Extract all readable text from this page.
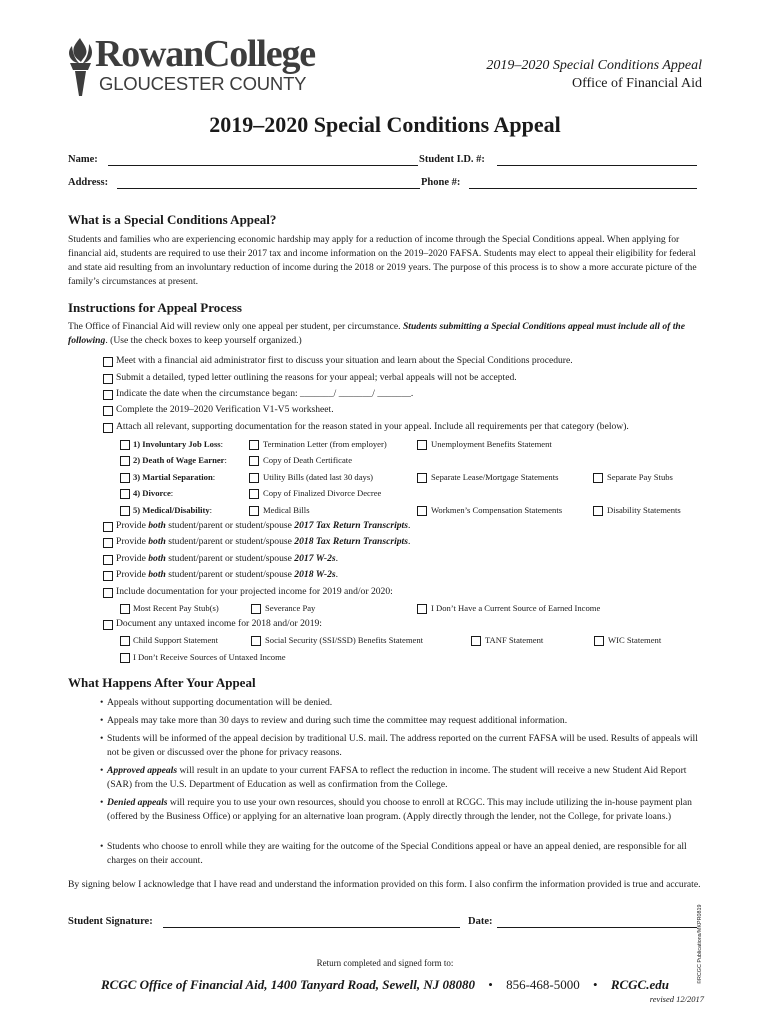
RowanCollege
GLOUCESTER COUNTY
2019–2020 Special Conditions Appeal
Office of Financial Aid
2019–2020 Special Conditions Appeal
Name:	Student I.D. #:
Address:	Phone #:
What is a Special Conditions Appeal?
Students and families who are experiencing economic hardship may apply for a reduction of income through the Special Conditions appeal. When applying for financial aid, students are required to use their 2017 tax and income information on the 2019–2020 FAFSA. Students may elect to appeal their eligibility for federal and state aid resulting from an involuntary reduction of income during the 2018 or 2019 years. The purpose of this process is to show a more accurate picture of the family’s circumstances at present.
Instructions for Appeal Process
The Office of Financial Aid will review only one appeal per student, per circumstance. Students submitting a Special Conditions appeal must include all of the following. (Use the check boxes to keep yourself organized.)
Meet with a financial aid administrator first to discuss your situation and learn about the Special Conditions procedure.
Submit a detailed, typed letter outlining the reasons for your appeal; verbal appeals will not be accepted.
Indicate the date when the circumstance began: _______/ _______/ _______.
Complete the 2019–2020 Verification V1-V5 worksheet.
Attach all relevant, supporting documentation for the reason stated in your appeal. Include all requirements per that category (below).
1) Involuntary Job Loss:	Termination Letter (from employer)	Unemployment Benefits Statement
2) Death of Wage Earner:	Copy of Death Certificate
3) Martial Separation:	Utility Bills (dated last 30 days)	Separate Lease/Mortgage Statements	Separate Pay Stubs
4) Divorce:	Copy of Finalized Divorce Decree
5) Medical/Disability:	Medical Bills	Workmen’s Compensation Statements	Disability Statements
Provide both student/parent or student/spouse 2017 Tax Return Transcripts.
Provide both student/parent or student/spouse 2018 Tax Return Transcripts.
Provide both student/parent or student/spouse 2017 W-2s.
Provide both student/parent or student/spouse 2018 W-2s.
Include documentation for your projected income for 2019 and/or 2020:
Most Recent Pay Stub(s)	Severance Pay	I Don’t Have a Current Source of Earned Income
Document any untaxed income for 2018 and/or 2019:
Child Support Statement	Social Security (SSI/SSD) Benefits Statement	TANF Statement	WIC Statement
I Don’t Receive Sources of Untaxed Income
What Happens After Your Appeal
• Appeals without supporting documentation will be denied.
• Appeals may take more than 30 days to review and during such time the committee may request additional information.
• Students will be informed of the appeal decision by traditional U.S. mail. The address reported on the current FAFSA will be used. Results of appeals will not be given or discussed over the phone for privacy reasons.
• Approved appeals will result in an update to your current FAFSA to reflect the reduction in income. The student will receive a new Student Aid Report (SAR) from the U.S. Department of Education as well as confirmation from the College.
• Denied appeals will require you to use your own resources, should you choose to enroll at RCGC. This may include utilizing the in-house payment plan (offered by the Business Office) or applying for an alternative loan program. (Apply directly through the lender, not the College, for private loans.)
• Students who choose to enroll while they are waiting for the outcome of the Special Conditions appeal or have an appeal denied, are responsible for all charges on their account.
By signing below I acknowledge that I have read and understand the information provided on this form. I also confirm the information provided is true and accurate.
Student Signature:	Date:	©RCGC Publications/MKPR0819
Return completed and signed form to:
RCGC Office of Financial Aid, 1400 Tanyard Road, Sewell, NJ 08080 • 856-468-5000 • RCGC.edu
revised 12/2017
